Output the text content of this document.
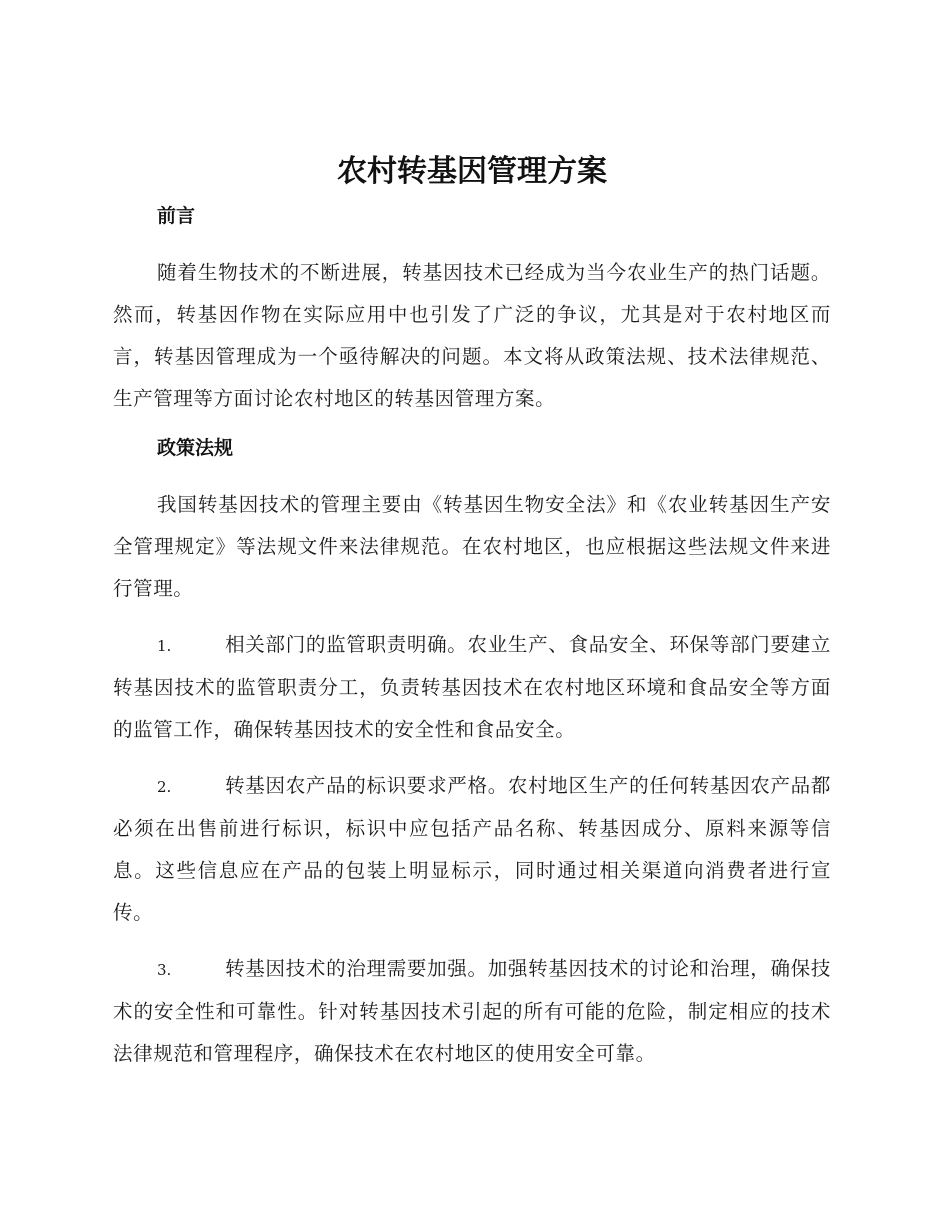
农村转基因管理方案
前言

随着生物技术的不断进展，转基因技术已经成为当今农业生产的热门话题。然而，转基因作物在实际应用中也引发了广泛的争议，尤其是对于农村地区而言，转基因管理成为一个亟待解决的问题。本文将从政策法规、技术法律规范、生产管理等方面讨论农村地区的转基因管理方案。

政策法规

我国转基因技术的管理主要由《转基因生物安全法》和《农业转基因生产安全管理规定》等法规文件来法律规范。在农村地区，也应根据这些法规文件来进行管理。

1.	相关部门的监管职责明确。农业生产、食品安全、环保等部门要建立转基因技术的监管职责分工，负责转基因技术在农村地区环境和食品安全等方面的监管工作，确保转基因技术的安全性和食品安全。

2.	转基因农产品的标识要求严格。农村地区生产的任何转基因农产品都必须在出售前进行标识，标识中应包括产品名称、转基因成分、原料来源等信息。这些信息应在产品的包装上明显标示，同时通过相关渠道向消费者进行宣传。

3.	转基因技术的治理需要加强。加强转基因技术的讨论和治理，确保技术的安全性和可靠性。针对转基因技术引起的所有可能的危险，制定相应的技术法律规范和管理程序，确保技术在农村地区的使用安全可靠。
